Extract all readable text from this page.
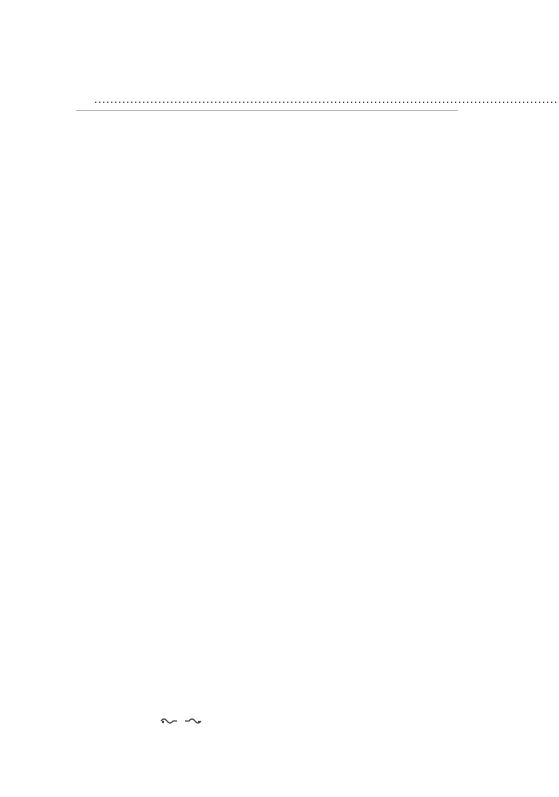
.....
